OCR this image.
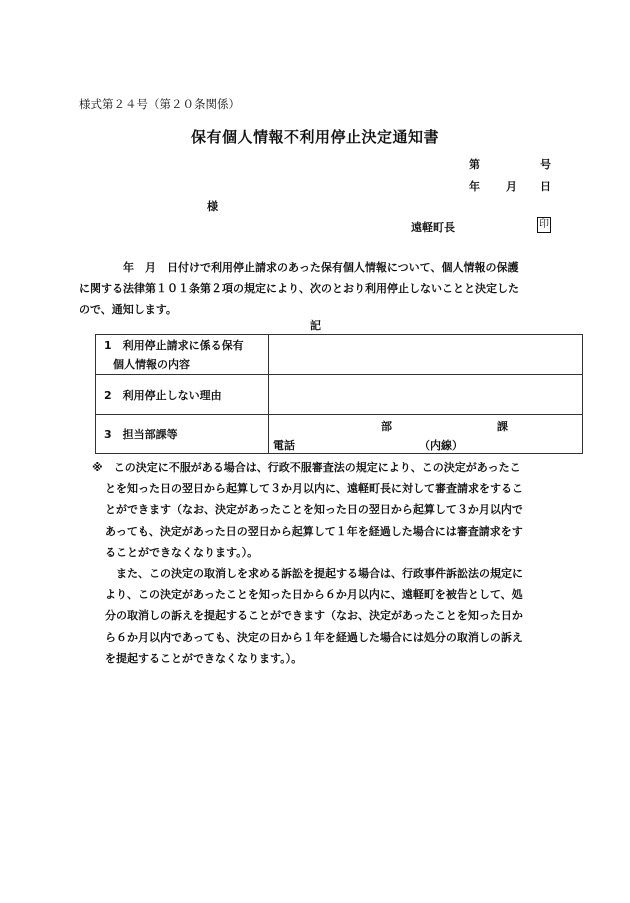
様式第２４号（第２０条関係）
保有個人情報不利用停止決定通知書
第	号
年 月 日
様
遠軽町長	印
　　　　年　月　日付けで利用停止請求のあった保有個人情報について、個人情報の保護
に関する法律第１０１条第２項の規定により、次のとおり利用停止しないことと決定した
ので、通知します。
記
1　利用停止請求に係る保有
個人情報の内容	

2　利用停止しない理由	
3　担当部課等	部 課
電話 （内線）
※　この決定に不服がある場合は、行政不服審査法の規定により、この決定があったこ
とを知った日の翌日から起算して３か月以内に、遠軽町長に対して審査請求をするこ
とができます（なお、決定があったことを知った日の翌日から起算して３か月以内で
あっても、決定があった日の翌日から起算して１年を経過した場合には審査請求をす
ることができなくなります。）。
　また、この決定の取消しを求める訴訟を提起する場合は、行政事件訴訟法の規定に
より、この決定があったことを知った日から６か月以内に、遠軽町を被告として、処
分の取消しの訴えを提起することができます（なお、決定があったことを知った日か
ら６か月以内であっても、決定の日から１年を経過した場合には処分の取消しの訴え
を提起することができなくなります。）。
